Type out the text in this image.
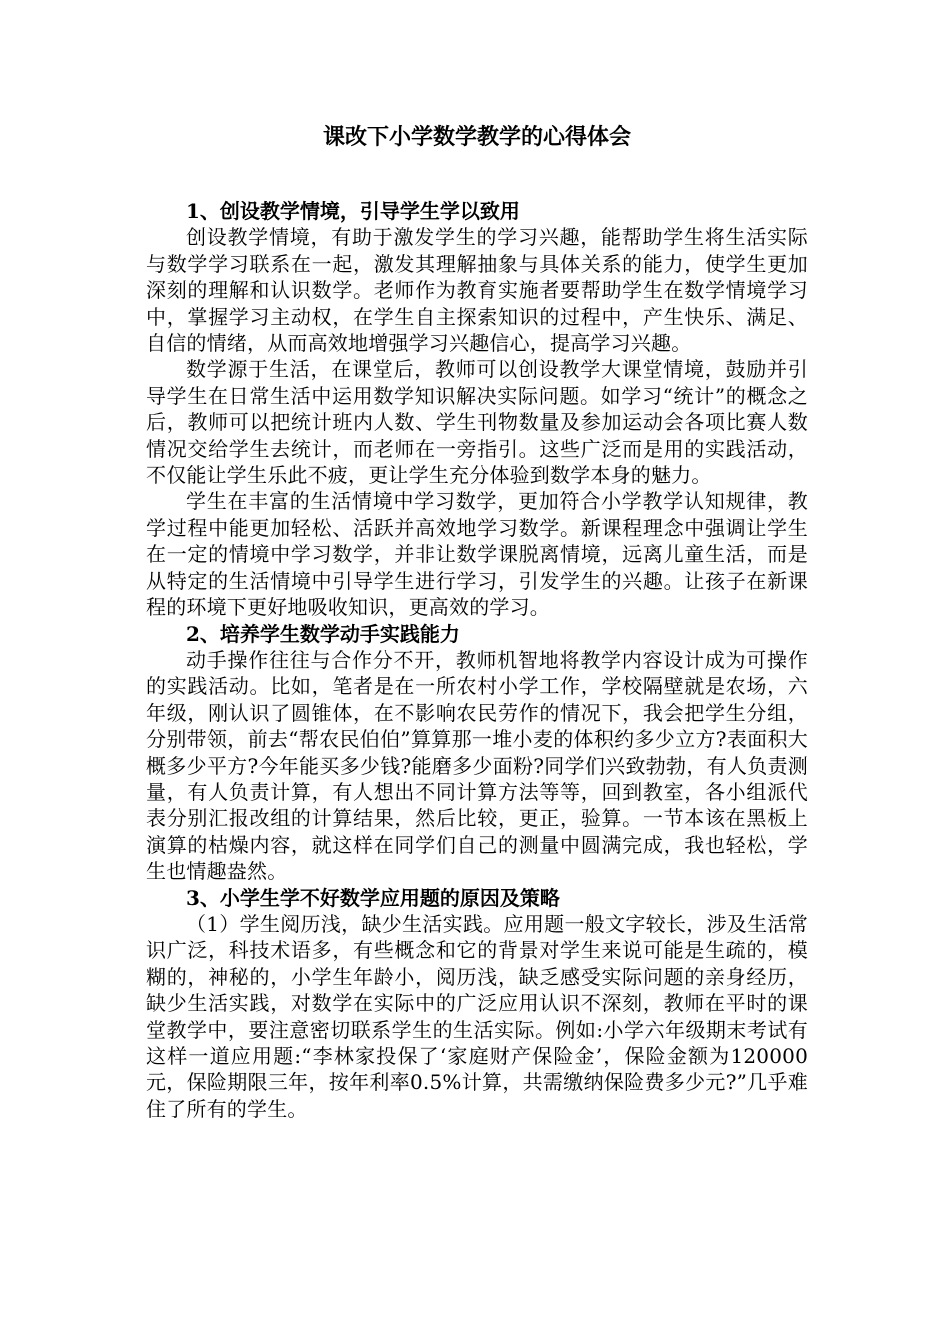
课改下小学数学教学的心得体会
1、创设教学情境，引导学生学以致用

创设教学情境，有助于激发学生的学习兴趣，能帮助学生将生活实际与数学学习联系在一起，激发其理解抽象与具体关系的能力，使学生更加深刻的理解和认识数学。老师作为教育实施者要帮助学生在数学情境学习中，掌握学习主动权，在学生自主探索知识的过程中，产生快乐、满足、自信的情绪，从而高效地增强学习兴趣信心，提高学习兴趣。

数学源于生活，在课堂后，教师可以创设教学大课堂情境，鼓励并引导学生在日常生活中运用数学知识解决实际问题。如学习“统计”的概念之后，教师可以把统计班内人数、学生刊物数量及参加运动会各项比赛人数情况交给学生去统计，而老师在一旁指引。这些广泛而是用的实践活动，不仅能让学生乐此不疲，更让学生充分体验到数学本身的魅力。

学生在丰富的生活情境中学习数学，更加符合小学教学认知规律，教学过程中能更加轻松、活跃并高效地学习数学。新课程理念中强调让学生在一定的情境中学习数学，并非让数学课脱离情境，远离儿童生活，而是从特定的生活情境中引导学生进行学习，引发学生的兴趣。让孩子在新课程的环境下更好地吸收知识，更高效的学习。

2、培养学生数学动手实践能力

动手操作往往与合作分不开，教师机智地将教学内容设计成为可操作的实践活动。比如，笔者是在一所农村小学工作，学校隔壁就是农场，六年级，刚认识了圆锥体，在不影响农民劳作的情况下，我会把学生分组，分别带领，前去“帮农民伯伯”算算那一堆小麦的体积约多少立方?表面积大概多少平方?今年能买多少钱?能磨多少面粉?同学们兴致勃勃，有人负责测量，有人负责计算，有人想出不同计算方法等等，回到教室，各小组派代表分别汇报改组的计算结果，然后比较，更正，验算。一节本该在黑板上演算的枯燥内容，就这样在同学们自己的测量中圆满完成，我也轻松，学生也情趣盎然。

3、小学生学不好数学应用题的原因及策略

（1）学生阅历浅，缺少生活实践。应用题一般文字较长，涉及生活常识广泛，科技术语多，有些概念和它的背景对学生来说可能是生疏的，模糊的，神秘的，小学生年龄小，阅历浅，缺乏感受实际问题的亲身经历，缺少生活实践，对数学在实际中的广泛应用认识不深刻，教师在平时的课堂教学中，要注意密切联系学生的生活实际。例如:小学六年级期末考试有这样一道应用题:“李林家投保了‘家庭财产保险金’，保险金额为120000元，保险期限三年，按年利率0.5%计算，共需缴纳保险费多少元?”几乎难住了所有的学生。
